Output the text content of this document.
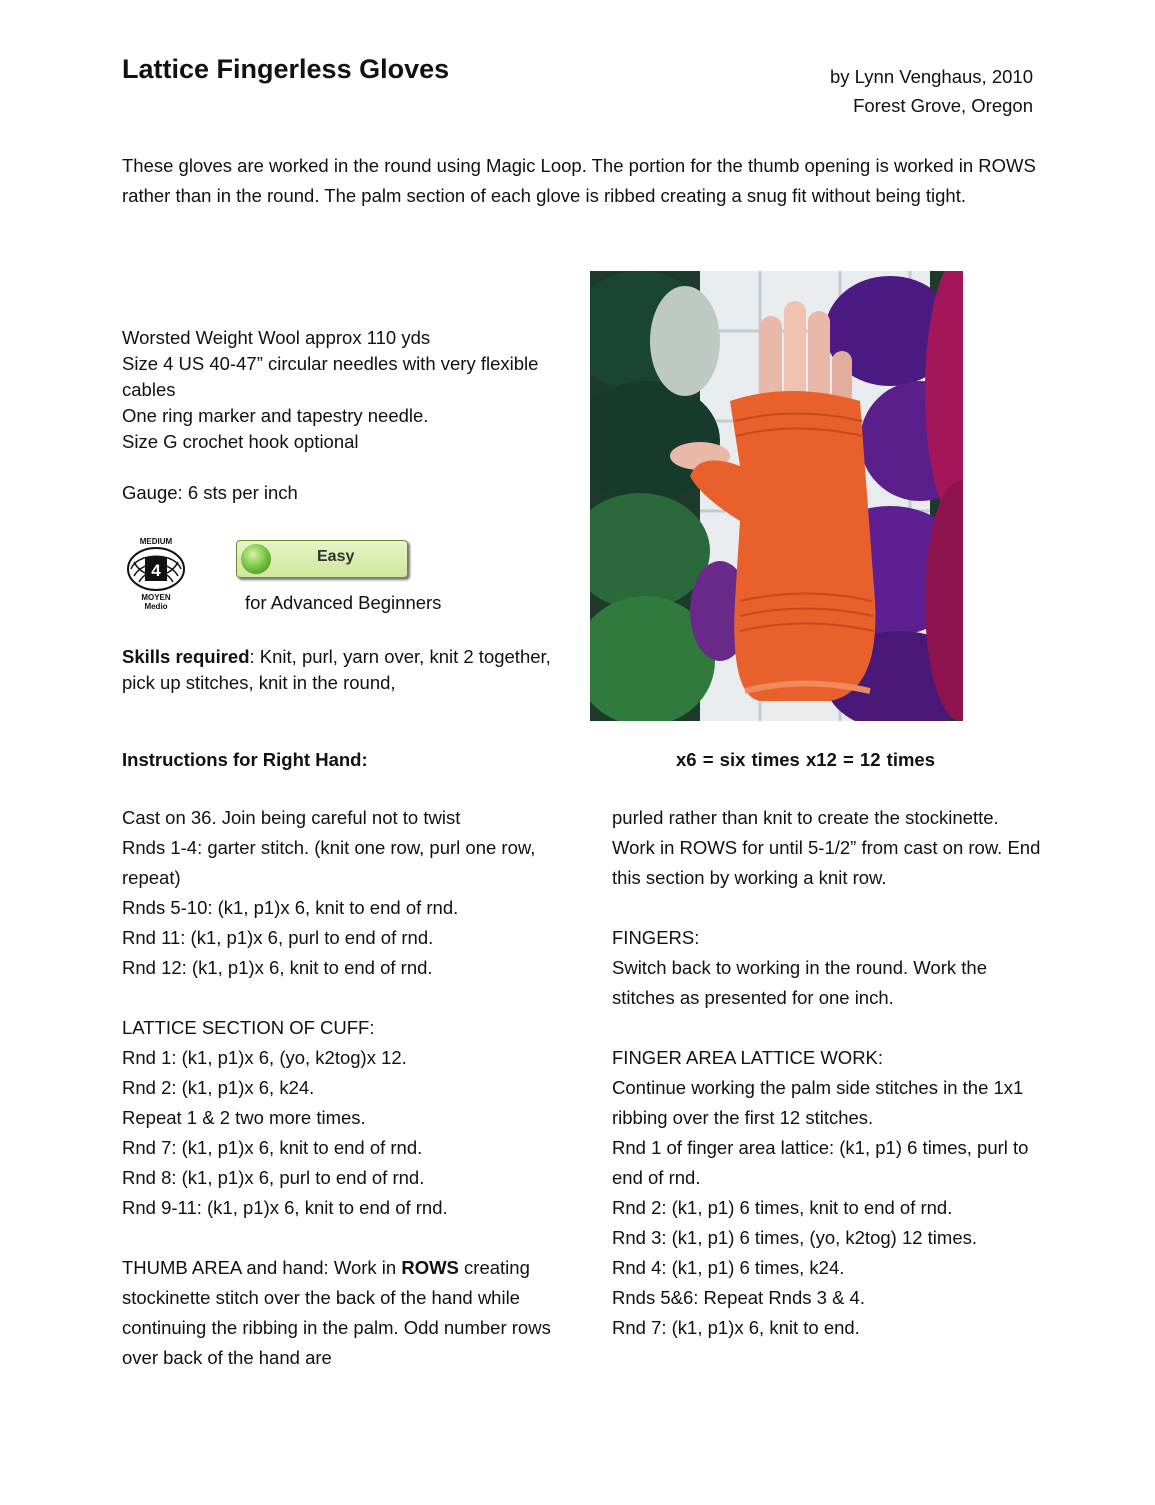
Lattice Fingerless Gloves	by Lynn Venghaus, 2010
Forest Grove, Oregon
These gloves are worked in the round using Magic Loop. The portion for the thumb opening is worked in ROWS rather than in the round. The palm section of each glove is ribbed creating a snug fit without being tight.
Worsted Weight Wool approx 110 yds
Size 4 US 40-47” circular needles with very flexible cables
One ring marker and tapestry needle.
Size G crochet hook optional
Gauge: 6 sts per inch
MEDIUM
4
MOYEN
Medio
Easy
for Advanced Beginners
Skills required: Knit, purl, yarn over, knit 2 together, pick up stitches, knit in the round,
Instructions for Right Hand:	x6 = six times x12 = 12 times

Cast on 36. Join being careful not to twist

Rnds 1-4: garter stitch. (knit one row, purl one row, repeat)

Rnds 5-10: (k1, p1)x 6, knit to end of rnd.

Rnd 11: (k1, p1)x 6, purl to end of rnd.

Rnd 12: (k1, p1)x 6, knit to end of rnd.

LATTICE SECTION OF CUFF:

Rnd 1: (k1, p1)x 6, (yo, k2tog)x 12.

Rnd 2: (k1, p1)x 6, k24.

Repeat 1 & 2 two more times.

Rnd 7: (k1, p1)x 6, knit to end of rnd.

Rnd 8: (k1, p1)x 6, purl to end of rnd.

Rnd 9-11: (k1, p1)x 6, knit to end of rnd.

THUMB AREA and hand: Work in ROWS creating stockinette stitch over the back of the hand while continuing the ribbing in the palm. Odd number rows over back of the hand are

purled rather than knit to create the stockinette. Work in ROWS for until 5-1/2” from cast on row. End this section by working a knit row.

FINGERS:

Switch back to working in the round. Work the stitches as presented for one inch.

FINGER AREA LATTICE WORK:

Continue working the palm side stitches in the 1x1 ribbing over the first 12 stitches.

Rnd 1 of finger area lattice: (k1, p1) 6 times, purl to end of rnd.

Rnd 2: (k1, p1) 6 times, knit to end of rnd.

Rnd 3: (k1, p1) 6 times, (yo, k2tog) 12 times.

Rnd 4: (k1, p1) 6 times, k24.

Rnds 5&6: Repeat Rnds 3 & 4.

Rnd 7: (k1, p1)x 6, knit to end.
